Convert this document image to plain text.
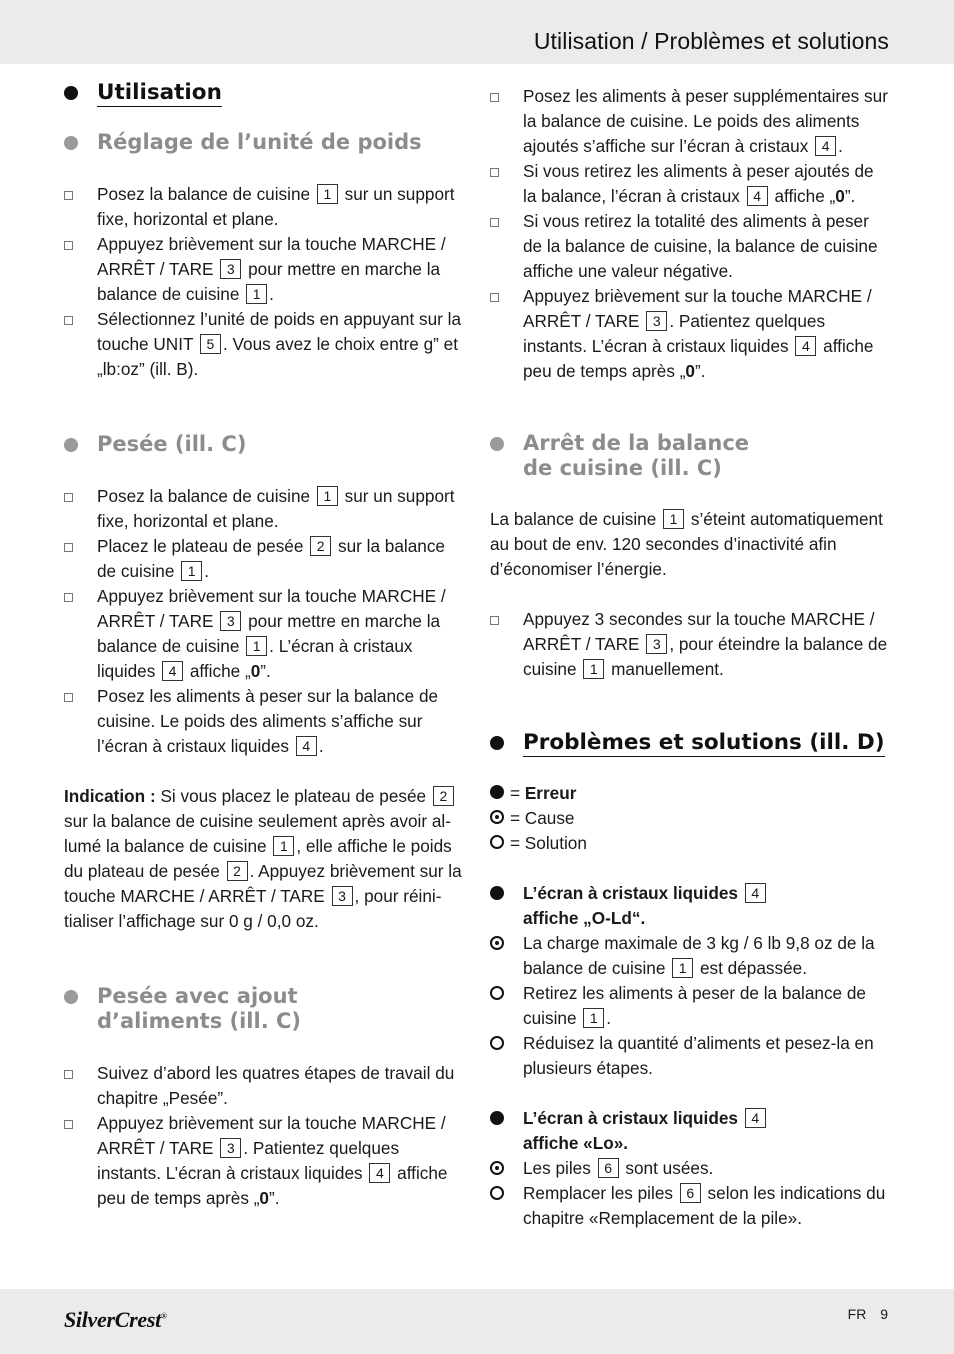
Utilisation / Problèmes et solutions
Utilisation
Réglage de l’unité de poids
Posez la balance de cuisine 1 sur un support fixe, horizontal et plane.
Appuyez brièvement sur la touche MARCHE / ARRÊT / TARE 3 pour mettre en marche la balance de cuisine 1 .
Sélectionnez l’unité de poids en appuyant sur la touche UNIT 5 . Vous avez le choix entre g” et „lb:oz” (ill. B).
Pesée (ill. C)
Posez la balance de cuisine 1 sur un support fixe, horizontal et plane.
Placez le plateau de pesée 2 sur la balance de cuisine 1 .
Appuyez brièvement sur la touche MARCHE / ARRÊT / TARE 3 pour mettre en marche la balance de cuisine 1 . L’écran à cristaux liquides 4 affiche „0”.
Posez les aliments à peser sur la balance de cuisine. Le poids des aliments s’affiche sur l’écran à cristaux liquides 4 .

Indication : Si vous placez le plateau de pesée 2 sur la balance de cuisine seulement après avoir al-lumé la balance de cuisine 1 , elle affiche le poids du plateau de pesée 2 . Appuyez brièvement sur la touche MARCHE / ARRÊT / TARE 3 , pour réini-tialiser l’affichage sur 0 g / 0,0 oz.

Pesée avec ajout
d’aliments (ill. C)
Suivez d’abord les quatres étapes de travail du chapitre „Pesée”.
Appuyez brièvement sur la touche MARCHE / ARRÊT / TARE 3 . Patientez quelques instants. L’écran à cristaux liquides 4 affiche peu de temps après „0”.
Posez les aliments à peser supplémentaires sur la balance de cuisine. Le poids des aliments ajoutés s’affiche sur l’écran à cristaux 4 .
Si vous retirez les aliments à peser ajoutés de la balance, l’écran à cristaux 4 affiche „0”.
Si vous retirez la totalité des aliments à peser de la balance de cuisine, la balance de cuisine affiche une valeur négative.
Appuyez brièvement sur la touche MARCHE / ARRÊT / TARE 3 . Patientez quelques instants. L’écran à cristaux liquides 4 affiche peu de temps après „0”.
Arrêt de la balance
de cuisine (ill. C)

La balance de cuisine 1 s’éteint automatiquement au bout de env. 120 secondes d’inactivité afin d’économiser l’énergie.

Appuyez 3 secondes sur la touche MARCHE / ARRÊT / TARE 3 , pour éteindre la balance de cuisine 1 manuellement.
Problèmes et solutions (ill. D)
= Erreur
= Cause
= Solution
L’écran à cristaux liquides 4
affiche „O-Ld“.
La charge maximale de 3 kg / 6 lb 9,8 oz de la balance de cuisine 1 est dépassée.
Retirez les aliments à peser de la balance de cuisine 1 .
Réduisez la quantité d’aliments et pesez-la en plusieurs étapes.
L’écran à cristaux liquides 4
affiche «Lo».
Les piles 6 sont usées.
Remplacer les piles 6 selon les indications du chapitre «Remplacement de la pile».
SilverCrest®	FR 9
